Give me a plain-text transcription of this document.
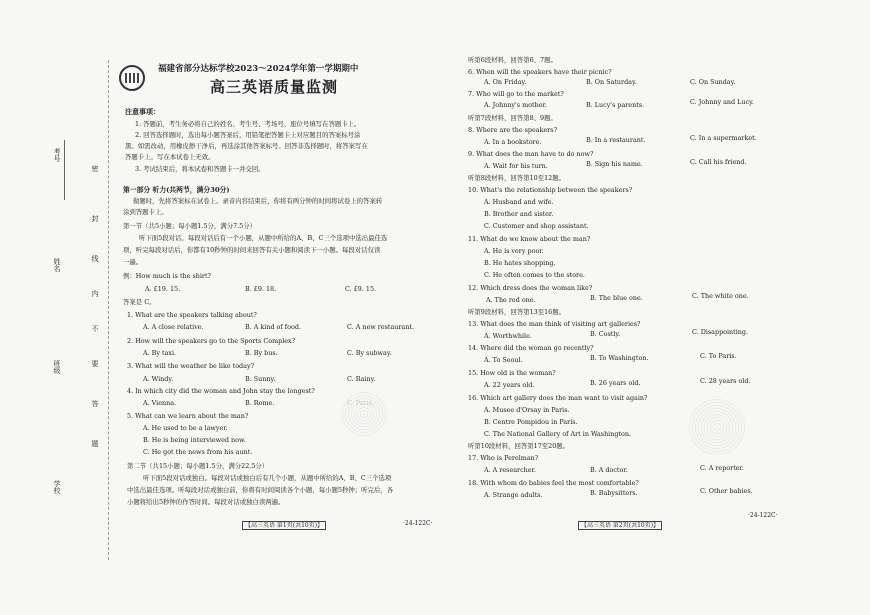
考号
姓名
班级
学校
密
封
线
内
不
要
答
题
福建省部分达标学校2023～2024学年第一学期期中
高三英语质量监测
注意事项：
1. 答题前，考生务必将自己的姓名、考生号、考场号、座位号填写在答题卡上。
2. 回答选择题时，选出每小题答案后，用铅笔把答题卡上对应题目的答案标号涂
黑。如需改动，用橡皮擦干净后，再选涂其他答案标号。回答非选择题时，将答案写在
答题卡上。写在本试卷上无效。
3. 考试结束后，将本试卷和答题卡一并交回。
第一部分 听力(共两节，满分30分)
做题时，先将答案标在试卷上。录音内容结束后，你将有两分钟的时间将试卷上的答案转
涂到答题卡上。
第一节（共5小题；每小题1.5分，满分7.5分）
听下面5段对话。每段对话后有一个小题，从题中所给的A、B、C三个选项中选出最佳选
项，听完每段对话后，你都有10秒钟的时间来回答有关小题和阅读下一小题。每段对话仅读
一遍。
例：How much is the shirt?
A. £19. 15.	B. £9. 18.	C. £9. 15.
答案是 C。
1. What are the speakers talking about?
A. A close relative.	B. A kind of food.	C. A new restaurant.
2. How will the speakers go to the Sports Complex?
A. By taxi.	B. By bus.	C. By subway.
3. What will the weather be like today?
A. Windy.	B. Sunny.	C. Rainy.
4. In which city did the woman and John stay the longest?
A. Vienna.	B. Rome.
5. What can we learn about the man?
A. He used to be a lawyer.
B. He is being interviewed now.
C. He got the news from his aunt.
第二节（共15小题；每小题1.5分，满分22.5分）
听下面5段对话或独白。每段对话或独白后有几个小题，从题中所给的A、B、C三个选项
中选出最佳选项。听每段对话或独白前，你将有时间阅读各个小题，每小题5秒钟；听完后，各
小题将给出5秒钟的作答时间。每段对话或独白读两遍。
听第6段材料，回答第6、7题。
6. When will the speakers have their picnic?
A. On Friday.	B. On Saturday.	C. On Sunday.
7. Who will go to the market?
A. Johnny's mother.	B. Lucy's parents.	C. Johnny and Lucy.
听第7段材料，回答第8、9题。
8. Where are the speakers?
A. In a bookstore.	B. In a restaurant.	C. In a supermarket.
9. What does the man have to do now?
A. Wait for his turn.	B. Sign his name.	C. Call his friend.
听第8段材料，回答第10至12题。
10. What's the relationship between the speakers?
A. Husband and wife.
B. Brother and sister.
C. Customer and shop assistant.
11. What do we know about the man?
A. He is very poor.
B. He hates shopping.
C. He often comes to the store.
12. Which dress does the woman like?
A. The red one.	B. The blue one.	C. The white one.
听第9段材料，回答第13至16题。
13. What does the man think of visiting art galleries?
A. Worthwhile.	B. Costly.	C. Disappointing.
14. Where did the woman go recently?
A. To Seoul.	B. To Washington.	C. To Paris.
15. How old is the woman?
A. 22 years old.	B. 26 years old.	C. 28 years old.
16. Which art gallery does the man want to visit again?
A. Musee d'Orsay in Paris.
B. Centre Pompidou in Paris.
C. The National Gallery of Art in Washington.
听第10段材料，回答第17至20题。
17. Who is Perelman?
A. A researcher.	B. A doctor.	C. A reporter.
18. With whom do babies feel the most comfortable?
A. Strange adults.	B. Babysitters.	C. Other babies.
【高三英语 第1页(共10页)】	·24-122C·	【高三英语 第2页(共10页)】
·24-122C·
